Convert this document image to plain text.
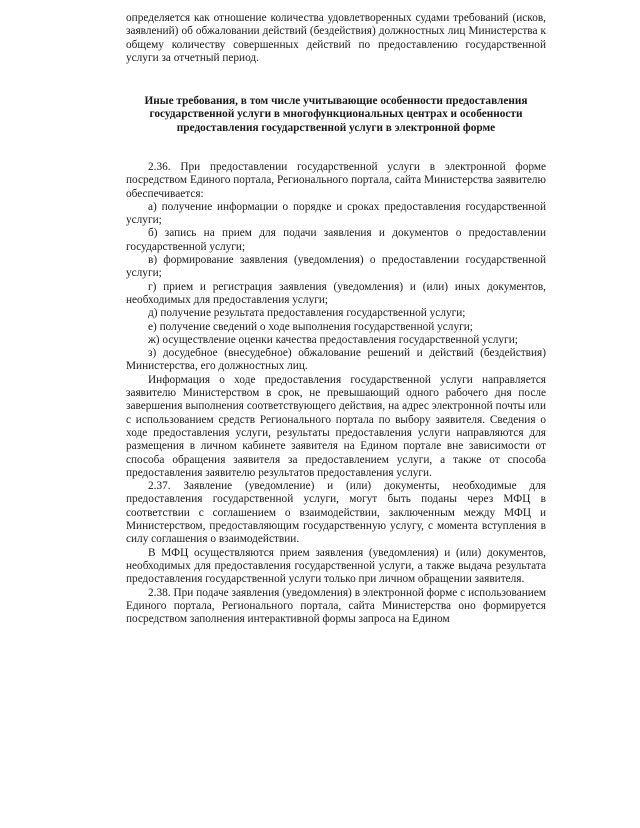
определяется как отношение количества удовлетворенных судами требований (исков, заявлений) об обжаловании действий (бездействия) должностных лиц Министерства к общему количеству совершенных действий по предоставлению государственной услуги за отчетный период.

Иные требования, в том числе учитывающие особенности предоставления государственной услуги в многофункциональных центрах и особенности предоставления государственной услуги в электронной форме

2.36. При предоставлении государственной услуги в электронной форме посредством Единого портала, Регионального портала, сайта Министерства заявителю обеспечивается:

а) получение информации о порядке и сроках предоставления государственной услуги;

б) запись на прием для подачи заявления и документов о предоставлении государственной услуги;

в) формирование заявления (уведомления) о предоставлении государственной услуги;

г) прием и регистрация заявления (уведомления) и (или) иных документов, необходимых для предоставления услуги;

д) получение результата предоставления государственной услуги;

е) получение сведений о ходе выполнения государственной услуги;

ж) осуществление оценки качества предоставления государственной услуги;

з) досудебное (внесудебное) обжалование решений и действий (бездействия) Министерства, его должностных лиц.

Информация о ходе предоставления государственной услуги направляется заявителю Министерством в срок, не превышающий одного рабочего дня после завершения выполнения соответствующего действия, на адрес электронной почты или с использованием средств Регионального портала по выбору заявителя. Сведения о ходе предоставления услуги, результаты предоставления услуги направляются для размещения в личном кабинете заявителя на Едином портале вне зависимости от способа обращения заявителя за предоставлением услуги, а также от способа предоставления заявителю результатов предоставления услуги.

2.37. Заявление (уведомление) и (или) документы, необходимые для предоставления государственной услуги, могут быть поданы через МФЦ в соответствии с соглашением о взаимодействии, заключенным между МФЦ и Министерством, предоставляющим государственную услугу, с момента вступления в силу соглашения о взаимодействии.

В МФЦ осуществляются прием заявления (уведомления) и (или) документов, необходимых для предоставления государственной услуги, а также выдача результата предоставления государственной услуги только при личном обращении заявителя.

2.38. При подаче заявления (уведомления) в электронной форме с использованием Единого портала, Регионального портала, сайта Министерства оно формируется посредством заполнения интерактивной формы запроса на Едином
